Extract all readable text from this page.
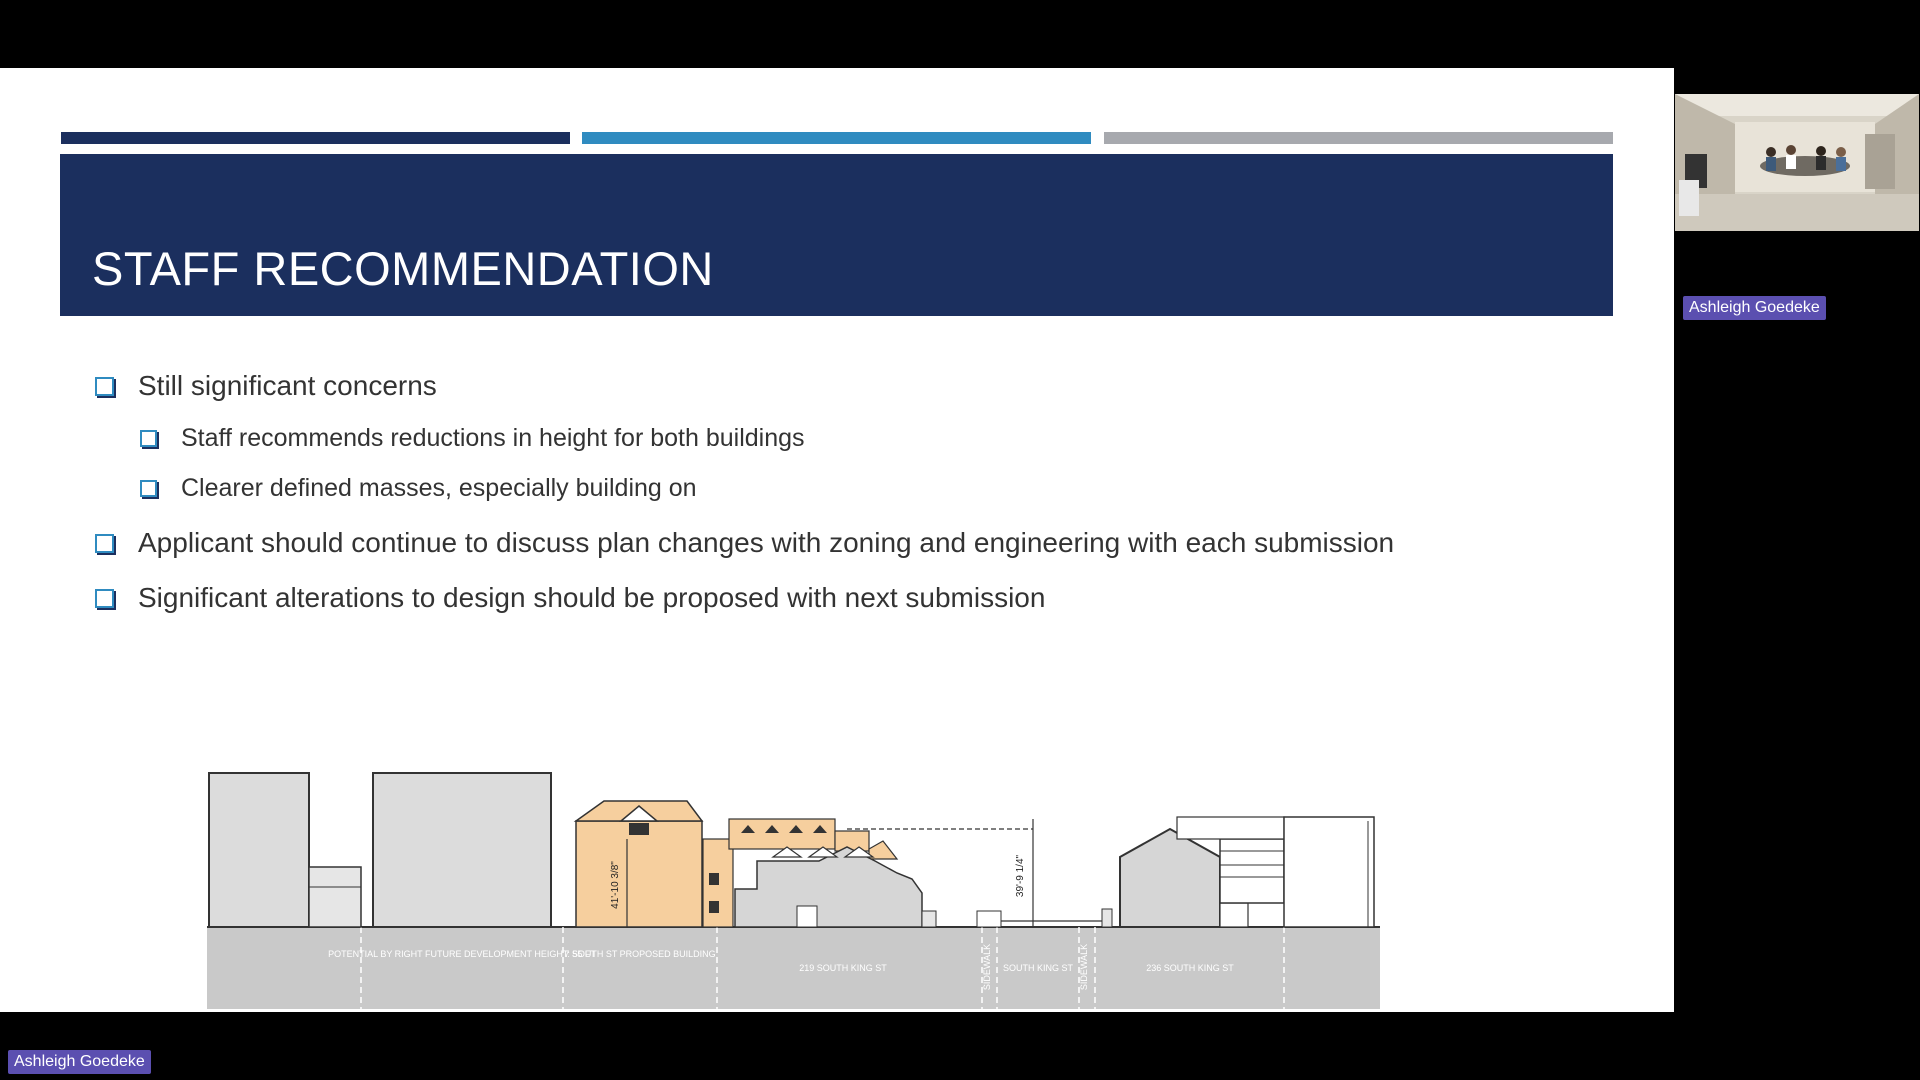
STAFF RECOMMENDATION
Still significant concerns
Staff recommends reductions in height for both buildings
Clearer defined masses, especially building on
Applicant should continue to discuss plan changes with zoning and engineering with each submission
Significant alterations to design should be proposed with next submission
41'-10 3/8"	39'-9 1/4"
POTENTIAL BY RIGHT FUTURE DEVELOPMENT HEIGHT: 55 FT
7 SOUTH ST PROPOSED BUILDING
219 SOUTH KING ST	SIDEWALK SOUTH KING ST SIDEWALK	236 SOUTH KING ST
Ashleigh Goedeke
Ashleigh Goedeke
